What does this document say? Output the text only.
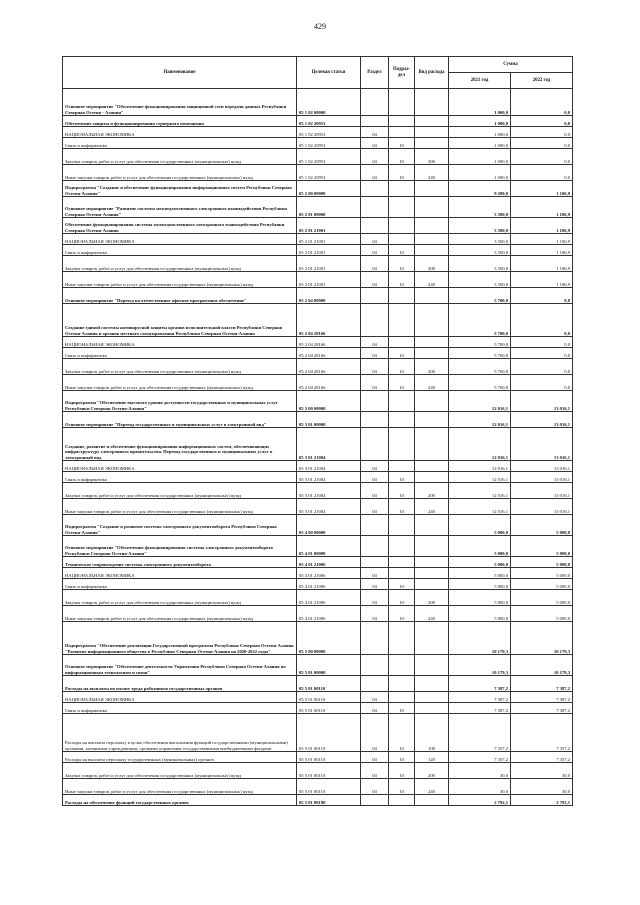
429
Наименование	Целевая статья	Раздел	Подраз-дел	Вид расхода	Сумма	
					2021 год	2022 год
Основное мероприятие "Обеспечение функционирования защищенной сети передачи данных Республики Северная Осетия - Алания"	05 1 02 00000				1 000,0	0,0
Обеспечение защиты и функционирования серверного помещения	05 1 02 20953				1 000,0	0,0
НАЦИОНАЛЬНАЯ ЭКОНОМИКА	05 1 02 20953	04			1 000,0	0,0
Связь и информатика	05 1 02 20953	04	10		1 000,0	0,0
Закупка товаров, работ и услуг для обеспечения государственных (муниципальных) нужд	05 1 02 20953	04	10	200	1 000,0	0,0
Иные закупки товаров, работ и услуг для обеспечения государственных (муниципальных) нужд	05 1 02 20953	04	10	240	1 000,0	0,0
Подпрограмма "Создание и обеспечение функционирования информационных систем Республики Северная Осетия-Алания"	05 2 00 00000				9 200,0	1 106,9
Основное мероприятие "Развитие системы межведомственного электронного взаимодействия Республики Северная Осетия-Алания"	05 2 01 00000				3 500,0	1 106,9
Обеспечение функционирования системы межведомственного электронного взаимодействия Республики Северная Осетия-Алания	05 2 01 21001				3 500,0	1 106,9
НАЦИОНАЛЬНАЯ ЭКОНОМИКА	05 2 01 21001	04			3 500,0	1 106,9
Связь и информатика	05 2 01 21001	04	10		3 500,0	1 106,9
Закупка товаров, работ и услуг для обеспечения государственных (муниципальных) нужд	05 2 01 21001	04	10	200	3 500,0	1 106,9
Иные закупки товаров, работ и услуг для обеспечения государственных (муниципальных) нужд	05 2 01 21001	04	10	240	3 500,0	1 106,9
Основное мероприятие "Переход на отечественное офисное программное обеспечение"	05 2 04 00000				5 700,0	0,0
Создание единой системы антивирусной защиты органов исполнительной власти Республики Северная Осетия-Алания и органов местного самоуправления Республики Северная Осетия-Алания	05 2 04 28166				5 700,0	0,0
НАЦИОНАЛЬНАЯ ЭКОНОМИКА	05 2 04 28166	04			5 700,0	0,0
Связь и информатика	05 2 04 28166	04	10		5 700,0	0,0
Закупка товаров, работ и услуг для обеспечения государственных (муниципальных) нужд	05 2 04 28166	04	10	200	5 700,0	0,0
Иные закупки товаров, работ и услуг для обеспечения государственных (муниципальных) нужд	05 2 04 28166	04	10	240	5 700,0	0,0
Подпрограмма "Обеспечение высокого уровня доступности государственных и муниципальных услуг Республики Северная Осетия-Алания"	05 3 00 00000				12 016,1	13 016,1
Основное мероприятие "Перевод государственных и муниципальных услуг в электронный вид"	05 3 01 00000				12 016,1	13 016,1
Создание, развитие и обеспечение функционирования информационных систем, обеспечивающих инфраструктуру электронного правительства. Перевод государственных и муниципальных услуг в электронный вид	05 3 01 21004				12 016,1	13 016,1
НАЦИОНАЛЬНАЯ ЭКОНОМИКА	05 3 01 21004	04			12 016,1	13 016,1
Связь и информатика	05 3 01 21004	04	10		12 016,1	13 016,1
Закупка товаров, работ и услуг для обеспечения государственных (муниципальных) нужд	05 3 01 21004	04	10	200	12 016,1	13 016,1
Иные закупки товаров, работ и услуг для обеспечения государственных (муниципальных) нужд	05 3 01 21004	04	10	240	12 016,1	13 016,1
Подпрограмма "Создание и развитие системы электронного документооборота Республики Северная Осетия-Алания"	05 4 00 00000				5 000,0	5 000,0
Основное мероприятие "Обеспечение функционирования системы электронного документооборота Республики Северная Осетия-Алания"	05 4 01 00000				5 000,0	5 000,0
Техническое сопровождение системы электронного документооборота	05 4 01 21006				5 000,0	5 000,0
НАЦИОНАЛЬНАЯ ЭКОНОМИКА	05 4 01 21006	04			5 000,0	5 000,0
Связь и информатика	05 4 01 21006	04	10		5 000,0	5 000,0
Закупка товаров, работ и услуг для обеспечения государственных (муниципальных) нужд	05 4 01 21006	04	10	200	5 000,0	5 000,0
Иные закупки товаров, работ и услуг для обеспечения государственных (муниципальных) нужд	05 4 01 21006	04	10	240	5 000,0	5 000,0
Подпрограмма "Обеспечение реализации Государственной программы Республики Северная Осетия-Алания "Развитие информационного общества в Республике Северная Осетия-Алания на 2020-2022 годы"	05 5 00 00000				10 179,3	10 179,3
Основное мероприятие "Обеспечение деятельности Управления Республики Северная Осетия-Алания по информационным технологиям и связи"	05 5 01 00000				10 179,3	10 179,3
Расходы на выплаты по оплате труда работников государственных органов	05 5 01 00110				7 387,2	7 387,2
НАЦИОНАЛЬНАЯ ЭКОНОМИКА	05 5 01 00110	04			7 387,2	7 387,2
Связь и информатика	05 5 01 00110	04	10		7 387,2	7 387,2
Расходы на выплаты персоналу в целях обеспечения выполнения функций государственными (муниципальными) органами, казенными учреждениями, органами управления государственными внебюджетными фондами	05 5 01 00110	04	10	100	7 357,2	7 357,2
Расходы на выплаты персоналу государственных (муниципальных) органов	05 5 01 00110	04	10	120	7 357,2	7 357,2
Закупка товаров, работ и услуг для обеспечения государственных (муниципальных) нужд	05 5 01 00110	04	10	200	30,0	30,0
Иные закупки товаров, работ и услуг для обеспечения государственных (муниципальных) нужд	05 5 01 00110	04	10	240	30,0	30,0
Расходы на обеспечение функций государственных органов	05 5 01 00190				2 792,1	2 792,1
